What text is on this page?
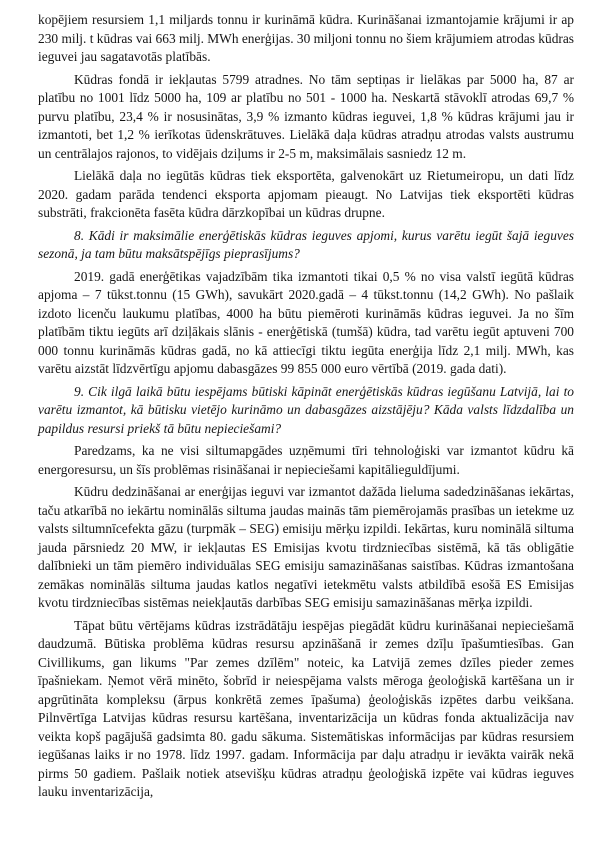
kopējiem resursiem 1,1 miljards tonnu ir kurināmā kūdra. Kurināšanai izmantojamie krājumi ir ap 230 milj. t kūdras vai 663 milj. MWh enerģijas. 30 miljoni tonnu no šiem krājumiem atrodas kūdras ieguvei jau sagatavotās platībās.

Kūdras fondā ir iekļautas 5799 atradnes. No tām septiņas ir lielākas par 5000 ha, 87 ar platību no 1001 līdz 5000 ha, 109 ar platību no 501 - 1000 ha. Neskartā stāvoklī atrodas 69,7 % purvu platību, 23,4 % ir nosusinātas, 3,9 % izmanto kūdras ieguvei, 1,8 % kūdras krājumi jau ir izmantoti, bet 1,2 % ierīkotas ūdenskrātuves. Lielākā daļa kūdras atradņu atrodas valsts austrumu un centrālajos rajonos, to vidējais dziļums ir 2-5 m, maksimālais sasniedz 12 m.

Lielākā daļa no iegūtās kūdras tiek eksportēta, galvenokārt uz Rietumeiropu, un dati līdz 2020. gadam parāda tendenci eksporta apjomam pieaugt. No Latvijas tiek eksportēti kūdras substrāti, frakcionēta fasēta kūdra dārzkopībai un kūdras drupne.

8. Kādi ir maksimālie enerģētiskās kūdras ieguves apjomi, kurus varētu iegūt šajā ieguves sezonā, ja tam būtu maksātspējīgs pieprasījums?

2019. gadā enerģētikas vajadzībām tika izmantoti tikai 0,5 % no visa valstī iegūtā kūdras apjoma – 7 tūkst.tonnu (15 GWh), savukārt 2020.gadā – 4 tūkst.tonnu (14,2 GWh). No pašlaik izdoto licenču laukumu platības, 4000 ha būtu piemēroti kurināmās kūdras ieguvei. Ja no šīm platībām tiktu iegūts arī dziļākais slānis - enerģētiskā (tumšā) kūdra, tad varētu iegūt aptuveni 700 000 tonnu kurināmās kūdras gadā, no kā attiecīgi tiktu iegūta enerģija līdz 2,1 milj. MWh, kas varētu aizstāt līdzvērtīgu apjomu dabasgāzes 99 855 000 euro vērtībā (2019. gada dati).

9. Cik ilgā laikā būtu iespējams būtiski kāpināt enerģētiskās kūdras iegūšanu Latvijā, lai to varētu izmantot, kā būtisku vietējo kurināmo un dabasgāzes aizstājēju? Kāda valsts līdzdalība un papildus resursi priekš tā būtu nepieciešami?

Paredzams, ka ne visi siltumapgādes uzņēmumi tīri tehnoloģiski var izmantot kūdru kā energoresursu, un šīs problēmas risināšanai ir nepieciešami kapitālieguldījumi.

Kūdru dedzināšanai ar enerģijas ieguvi var izmantot dažāda lieluma sadedzināšanas iekārtas, taču atkarībā no iekārtu nominālās siltuma jaudas mainās tām piemērojamās prasības un ietekme uz valsts siltumnīcefekta gāzu (turpmāk – SEG) emisiju mērķu izpildi. Iekārtas, kuru nominālā siltuma jauda pārsniedz 20 MW, ir iekļautas ES Emisijas kvotu tirdzniecības sistēmā, kā tās obligātie dalībnieki un tām piemēro individuālas SEG emisiju samazināšanas saistības. Kūdras izmantošana zemākas nominālās siltuma jaudas katlos negatīvi ietekmētu valsts atbildībā esošā ES Emisijas kvotu tirdzniecības sistēmas neiekļautās darbības SEG emisiju samazināšanas mērķa izpildi.

Tāpat būtu vērtējams kūdras izstrādātāju iespējas piegādāt kūdru kurināšanai nepieciešamā daudzumā. Būtiska problēma kūdras resursu apzināšanā ir zemes dzīļu īpašumtiesības. Gan Civillikums, gan likums "Par zemes dzīlēm" noteic, ka Latvijā zemes dzīles pieder zemes īpašniekam. Ņemot vērā minēto, šobrīd ir neiespējama valsts mēroga ģeoloģiskā kartēšana un ir apgrūtināta kompleksu (ārpus konkrētā zemes īpašuma) ģeoloģiskās izpētes darbu veikšana. Pilnvērtīga Latvijas kūdras resursu kartēšana, inventarizācija un kūdras fonda aktualizācija nav veikta kopš pagājušā gadsimta 80. gadu sākuma. Sistemātiskas informācijas par kūdras resursiem iegūšanas laiks ir no 1978. līdz 1997. gadam. Informācija par daļu atradņu ir ievākta vairāk nekā pirms 50 gadiem. Pašlaik notiek atsevišķu kūdras atradņu ģeoloģiskā izpēte vai kūdras ieguves lauku inventarizācija,
